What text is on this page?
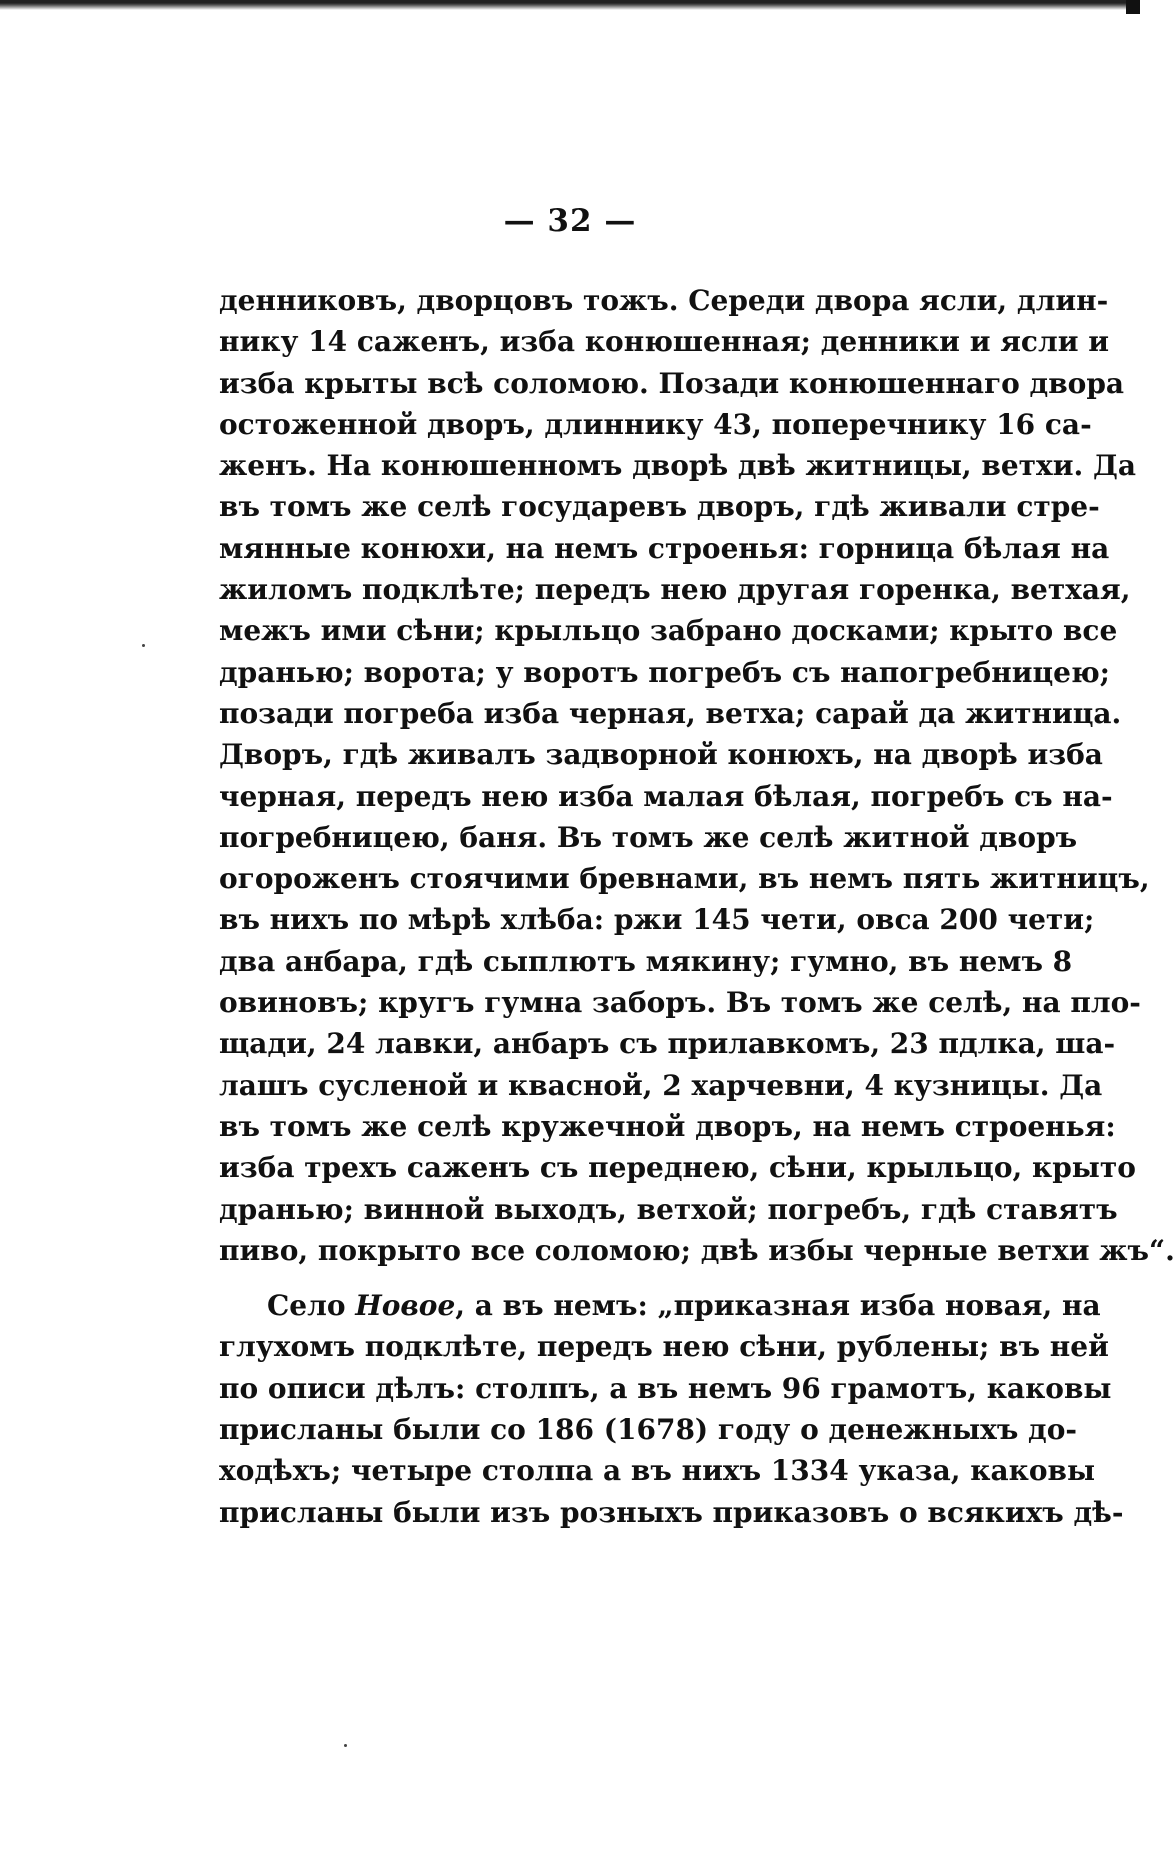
— 32 —
денниковъ, дворцовъ тожъ. Середи двора ясли, длин-
нику 14 саженъ, изба конюшенная; денники и ясли и
изба крыты всѣ соломою. Позади конюшеннаго двора
остоженной дворъ, длиннику 43, поперечнику 16 са-
женъ. На конюшенномъ дворѣ двѣ житницы, ветхи. Да
въ томъ же селѣ государевъ дворъ, гдѣ живали стре-
мянные конюхи, на немъ строенья: горница бѣлая на
жиломъ подклѣте; передъ нею другая горенка, ветхая,
межъ ими сѣни; крыльцо забрано досками; крыто все
дранью; ворота; у воротъ погребъ съ напогребницею;
позади погреба изба черная, ветха; сарай да житница.
Дворъ, гдѣ живалъ задворной конюхъ, на дворѣ изба
черная, передъ нею изба малая бѣлая, погребъ съ на-
погребницею, баня. Въ томъ же селѣ житной дворъ
огороженъ стоячими бревнами, въ немъ пять житницъ,
въ нихъ по мѣрѣ хлѣба: ржи 145 чети, овса 200 чети;
два анбара, гдѣ сыплютъ мякину; гумно, въ немъ 8
овиновъ; кругъ гумна заборъ. Въ томъ же селѣ, на пло-
щади, 24 лавки, анбаръ съ прилавкомъ, 23 пдлка, ша-
лашъ сусленой и квасной, 2 харчевни, 4 кузницы. Да
въ томъ же селѣ кружечной дворъ, на немъ строенья:
изба трехъ саженъ съ переднею, сѣни, крыльцо, крыто
дранью; винной выходъ, ветхой; погребъ, гдѣ ставятъ
пиво, покрыто все соломою; двѣ избы черные ветхи жъ“.
Село Новое, а въ немъ: „приказная изба новая, на
глухомъ подклѣте, передъ нею сѣни, рублены; въ ней
по описи дѣлъ: столпъ, а въ немъ 96 грамотъ, каковы
присланы были со 186 (1678) году о денежныхъ до-
ходѣхъ; четыре столпа а въ нихъ 1334 указа, каковы
присланы были изъ розныхъ приказовъ о всякихъ дѣ-
